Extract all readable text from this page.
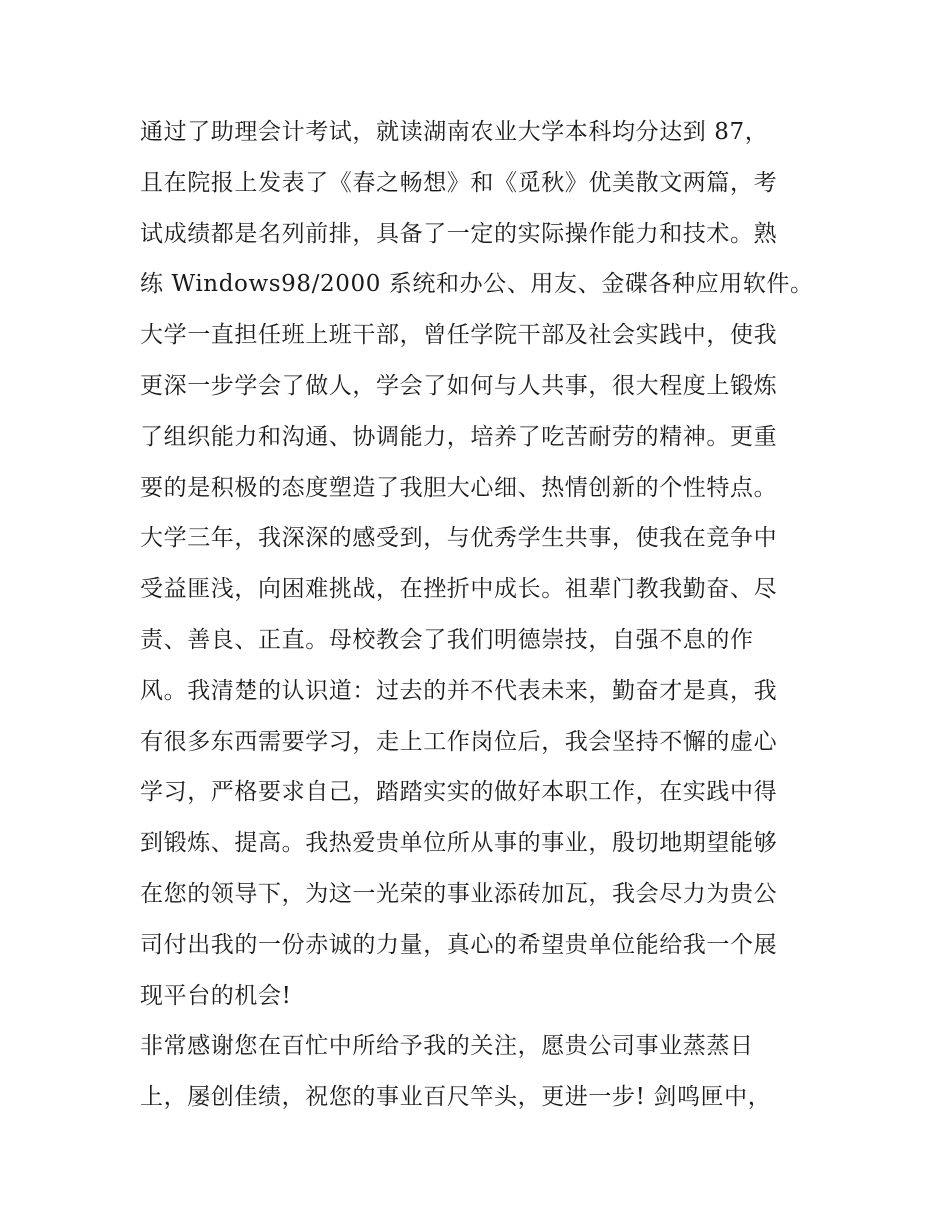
通过了助理会计考试，就读湖南农业大学本科均分达到 87，
且在院报上发表了《春之畅想》和《觅秋》优美散文两篇，考
试成绩都是名列前排，具备了一定的实际操作能力和技术。熟
练 Windows98/2000 系统和办公、用友、金碟各种应用软件。
大学一直担任班上班干部，曾任学院干部及社会实践中，使我
更深一步学会了做人，学会了如何与人共事，很大程度上锻炼
了组织能力和沟通、协调能力，培养了吃苦耐劳的精神。更重
要的是积极的态度塑造了我胆大心细、热情创新的个性特点。
大学三年，我深深的感受到，与优秀学生共事，使我在竞争中
受益匪浅，向困难挑战，在挫折中成长。祖辈门教我勤奋、尽
责、善良、正直。母校教会了我们明德崇技，自强不息的作
风。我清楚的认识道：过去的并不代表未来，勤奋才是真，我
有很多东西需要学习，走上工作岗位后，我会坚持不懈的虚心
学习，严格要求自己，踏踏实实的做好本职工作，在实践中得
到锻炼、提高。我热爱贵单位所从事的事业，殷切地期望能够
在您的领导下，为这一光荣的事业添砖加瓦，我会尽力为贵公
司付出我的一份赤诚的力量，真心的希望贵单位能给我一个展
现平台的机会!
非常感谢您在百忙中所给予我的关注，愿贵公司事业蒸蒸日
上，屡创佳绩，祝您的事业百尺竿头，更进一步! 剑鸣匣中，
